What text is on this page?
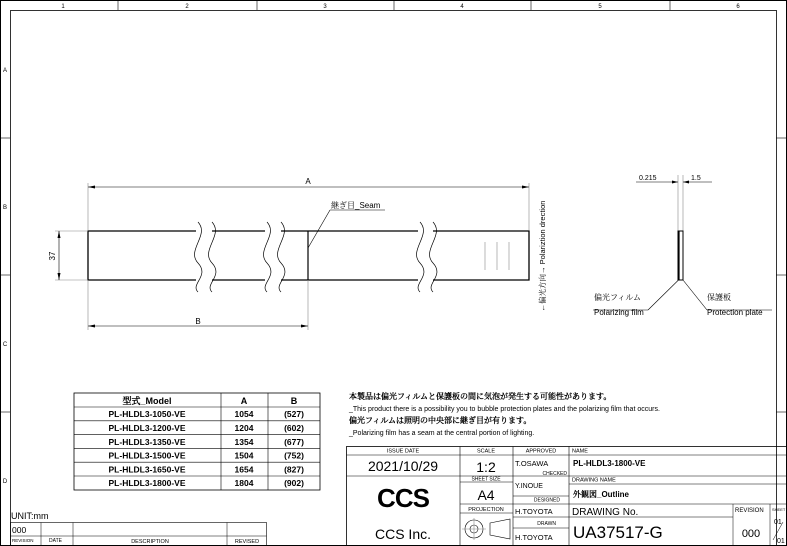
1	2	3	4	5	6
A
B
C
D
A
継ぎ目_Seam
37
B
←偏光方向→ Polariztion drection
0.215	1.5
偏光フィルム
Polarizing film
保護板
Protection plate
型式_Model	A	B
PL-HLDL3-1050-VE	1054	(527)
PL-HLDL3-1200-VE	1204	(602)
PL-HLDL3-1350-VE	1354	(677)
PL-HLDL3-1500-VE	1504	(752)
PL-HLDL3-1650-VE	1654	(827)
PL-HLDL3-1800-VE	1804	(902)
本製品は偏光フィルムと保護板の間に気泡が発生する可能性があります。
_This product there is a possibility you to bubble protection plates and the polarizing film that occurs.
偏光フィルムは照明の中央部に継ぎ目が有ります。
_Polarizing film has a seam at the central portion of lighting.
UNIT:mm
000
REVISION	DATE	DESCRIPTION	REVISED
ISSUE DATE
2021/10/29
SCALE
1:2
SHEET SIZE
A4
PROJECTION
APPROVED
T.OSAWA
CHECKED
Y.INOUE
DESIGNED
H.TOYOTA
DRAWN
H.TOYOTA
NAME
PL-HLDL3-1800-VE
DRAWING NAME
外観図_Outline
DRAWING No.
UA37517-G
REVISION
000
SHEET
01
01
CCS
CCS Inc.
